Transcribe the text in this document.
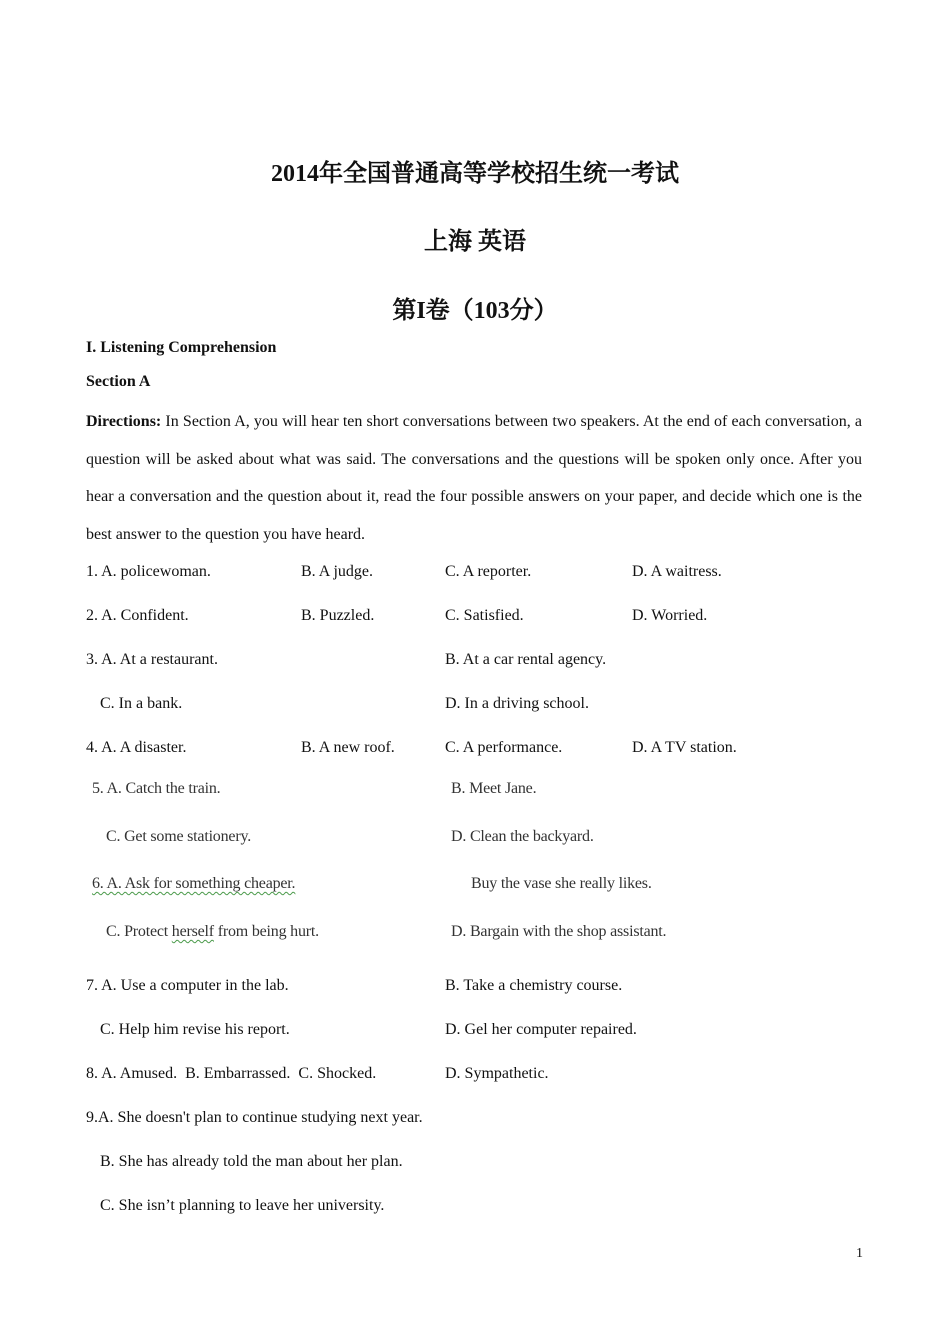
2014年全国普通高等学校招生统一考试
上海 英语
第I卷（103分）
I. Listening Comprehension
Section A
Directions: In Section A, you will hear ten short conversations between two speakers. At the end of each conversation, a question will be asked about what was said. The conversations and the questions will be spoken only once. After you hear a conversation and the question about it, read the four possible answers on your paper, and decide which one is the best answer to the question you have heard.
1. A. policewoman.	B. A judge.	C. A reporter.	D. A waitress.
2. A. Confident.	B. Puzzled.	C. Satisfied.	D. Worried.
3. A. At a restaurant.	B. At a car rental agency.
C. In a bank.	D. In a driving school.
4. A. A disaster.	B. A new roof.	C. A performance.	D. A TV station.
5. A. Catch the train.	B. Meet Jane.
C. Get some stationery.	D. Clean the backyard.
6. A. Ask for something cheaper.	Buy the vase she really likes.
C. Protect herself from being hurt.	D. Bargain with the shop assistant.
7. A. Use a computer in the lab.	B. Take a chemistry course.
C. Help him revise his report.	D. Gel her computer repaired.
8. A. Amused.  B. Embarrassed.  C. Shocked.	D. Sympathetic.
9.A. She doesn't plan to continue studying next year.
B. She has already told the man about her plan.
C. She isn’t planning to leave her university.
1
